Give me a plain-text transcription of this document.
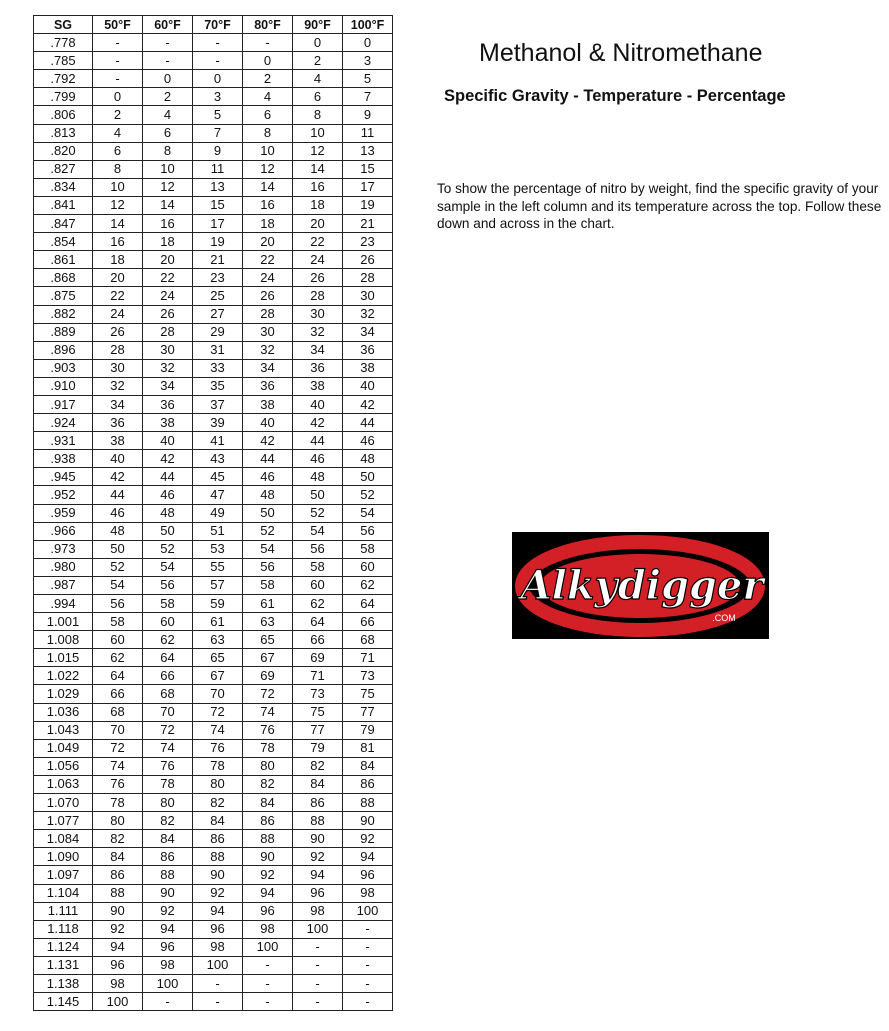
SG	50°F	60°F	70°F	80°F	90°F	100°F
.778	-	-	-	-	0	0
.785	-	-	-	0	2	3
.792	-	0	0	2	4	5
.799	0	2	3	4	6	7
.806	2	4	5	6	8	9
.813	4	6	7	8	10	11
.820	6	8	9	10	12	13
.827	8	10	11	12	14	15
.834	10	12	13	14	16	17
.841	12	14	15	16	18	19
.847	14	16	17	18	20	21
.854	16	18	19	20	22	23
.861	18	20	21	22	24	26
.868	20	22	23	24	26	28
.875	22	24	25	26	28	30
.882	24	26	27	28	30	32
.889	26	28	29	30	32	34
.896	28	30	31	32	34	36
.903	30	32	33	34	36	38
.910	32	34	35	36	38	40
.917	34	36	37	38	40	42
.924	36	38	39	40	42	44
.931	38	40	41	42	44	46
.938	40	42	43	44	46	48
.945	42	44	45	46	48	50
.952	44	46	47	48	50	52
.959	46	48	49	50	52	54
.966	48	50	51	52	54	56
.973	50	52	53	54	56	58
.980	52	54	55	56	58	60
.987	54	56	57	58	60	62
.994	56	58	59	61	62	64
1.001	58	60	61	63	64	66
1.008	60	62	63	65	66	68
1.015	62	64	65	67	69	71
1.022	64	66	67	69	71	73
1.029	66	68	70	72	73	75
1.036	68	70	72	74	75	77
1.043	70	72	74	76	77	79
1.049	72	74	76	78	79	81
1.056	74	76	78	80	82	84
1.063	76	78	80	82	84	86
1.070	78	80	82	84	86	88
1.077	80	82	84	86	88	90
1.084	82	84	86	88	90	92
1.090	84	86	88	90	92	94
1.097	86	88	90	92	94	96
1.104	88	90	92	94	96	98
1.111	90	92	94	96	98	100
1.118	92	94	96	98	100	-
1.124	94	96	98	100	-	-
1.131	96	98	100	-	-	-
1.138	98	100	-	-	-	-
1.145	100	-	-	-	-	-
Methanol & Nitromethane
Specific Gravity - Temperature - Percentage
To show the percentage of nitro by weight, find the specific gravity of your sample in the left column and its temperature across the top. Follow these down and across in the chart.
Alkydigger
.COM
